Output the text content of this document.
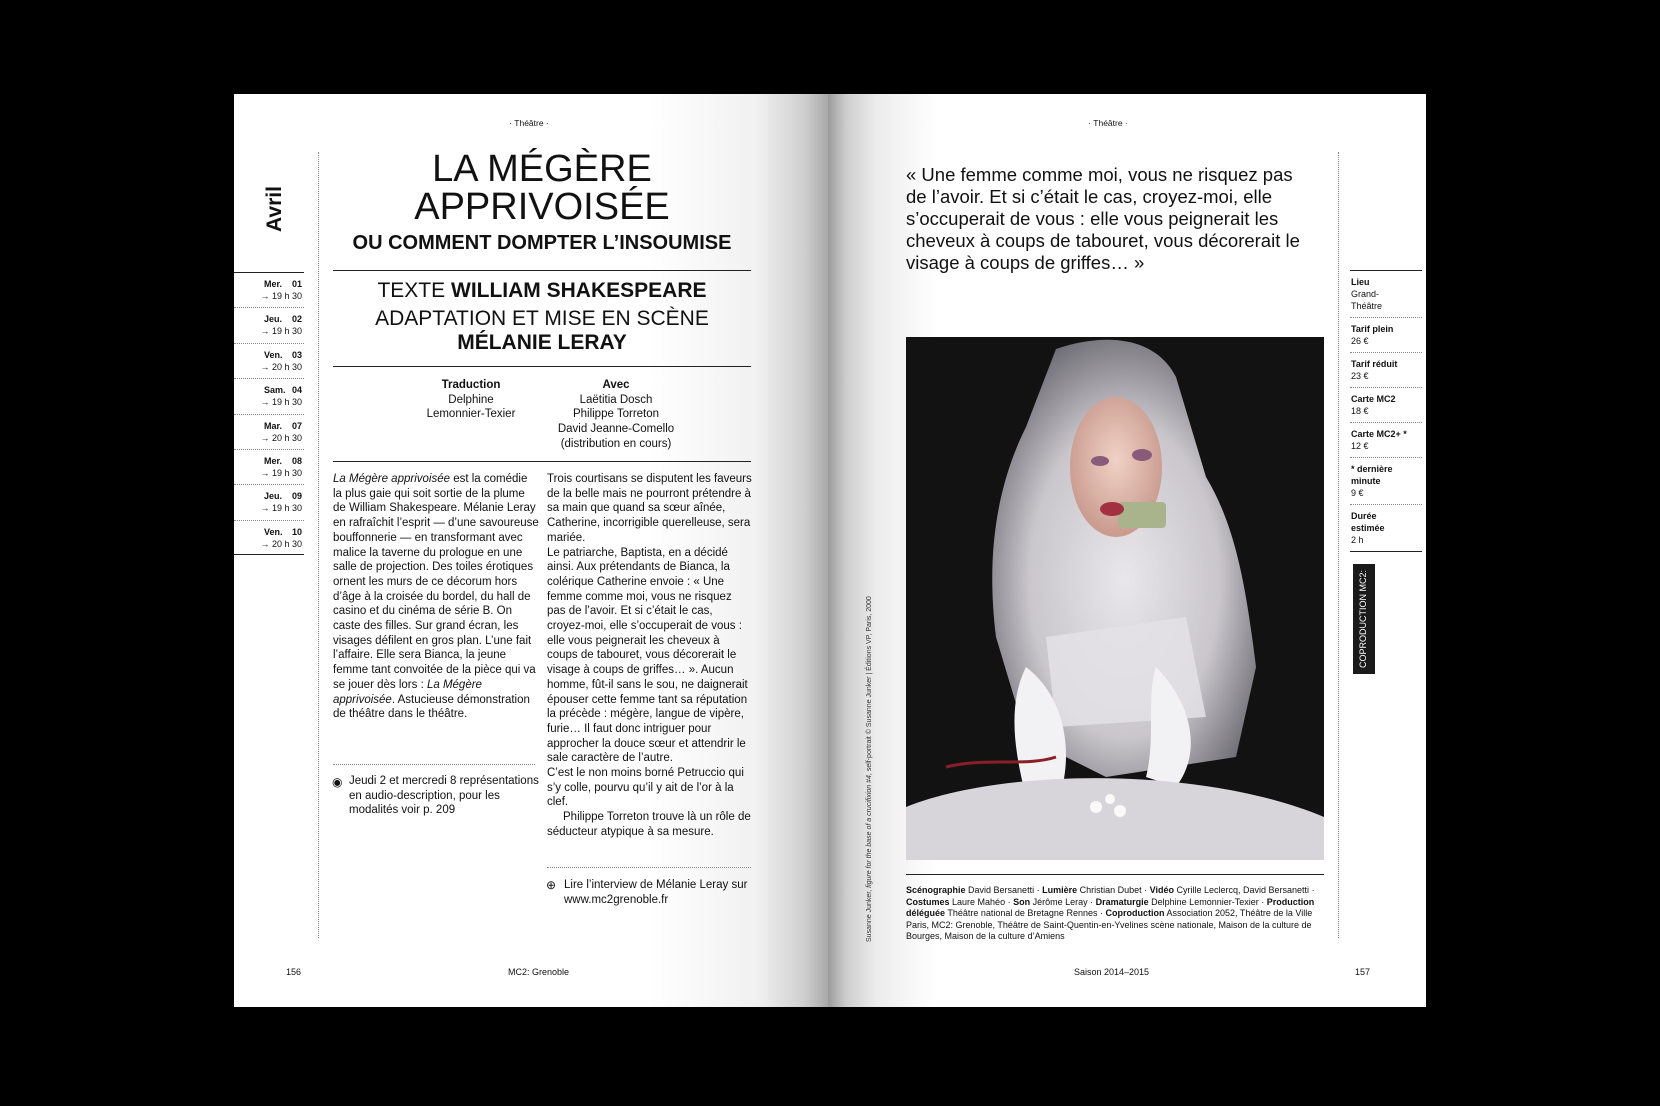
· Théâtre ·
Avril
Mer. 01
→ 19 h 30
Jeu. 02
→ 19 h 30
Ven. 03
→ 20 h 30
Sam. 04
→ 19 h 30
Mar. 07
→ 20 h 30
Mer. 08
→ 19 h 30
Jeu. 09
→ 19 h 30
Ven. 10
→ 20 h 30
LA MÉGÈRE
APPRIVOISÉE
OU COMMENT DOMPTER L’INSOUMISE
TEXTE WILLIAM SHAKESPEARE
ADAPTATION ET MISE EN SCÈNE
MÉLANIE LERAY
Traduction
Delphine
Lemonnier-Texier
Avec
Laëtitia Dosch
Philippe Torreton
David Jeanne-Comello
(distribution en cours)

La Mégère apprivoisée est la comédie la plus gaie qui soit sortie de la plume de William Shakespeare. Mélanie Leray en rafraîchit l’esprit — d’une savoureuse bouffonnerie — en transformant avec malice la taverne du prologue en une salle de projection. Des toiles érotiques ornent les murs de ce décorum hors d’âge à la croisée du bordel, du hall de casino et du cinéma de série B. On caste des filles. Sur grand écran, les visages défilent en gros plan. L’une fait l’affaire. Elle sera Bianca, la jeune femme tant convoitée de la pièce qui va se jouer dès lors : La Mégère apprivoisée. Astucieuse démonstration de théâtre dans le théâtre.

◉ Jeudi 2 et mercredi 8 représentations en audio-description, pour les modalités voir p. 209

Trois courtisans se disputent les faveurs de la belle mais ne pourront prétendre à sa main que quand sa sœur aînée, Catherine, incorrigible querelleuse, sera mariée.

Le patriarche, Baptista, en a décidé ainsi. Aux prétendants de Bianca, la colérique Catherine envoie : « Une femme comme moi, vous ne risquez pas de l’avoir. Et si c’était le cas, croyez-moi, elle s’occuperait de vous : elle vous peignerait les cheveux à coups de tabouret, vous décorerait le visage à coups de griffes… ». Aucun homme, fût-il sans le sou, ne daignerait épouser cette femme tant sa réputation la précède : mégère, langue de vipère, furie… Il faut donc intriguer pour approcher la douce sœur et attendrir le sale caractère de l’autre.

C’est le non moins borné Petruccio qui s’y colle, pourvu qu’il y ait de l’or à la clef.

Philippe Torreton trouve là un rôle de séducteur atypique à sa mesure.

⊕ Lire l’interview de Mélanie Leray sur www.mc2grenoble.fr
156	MC2: Grenoble
· Théâtre ·
« Une femme comme moi, vous ne risquez pas de l’avoir. Et si c’était le cas, croyez-moi, elle s’occuperait de vous : elle vous peignerait les cheveux à coups de tabouret, vous décorerait le visage à coups de griffes… »
Susanne Junker, figure for the base of a crucifixion #4, self-portrait © Susanne Junker | Éditions VP, Paris, 2000
Scénographie David Bersanetti · Lumière Christian Dubet · Vidéo Cyrille Leclercq, David Bersanetti · Costumes Laure Mahéo · Son Jérôme Leray · Dramaturgie Delphine Lemonnier-Texier · Production déléguée Théâtre national de Bretagne Rennes · Coproduction Association 2052, Théâtre de la Ville Paris, MC2: Grenoble, Théâtre de Saint-Quentin-en-Yvelines scène nationale, Maison de la culture de Bourges, Maison de la culture d’Amiens
Lieu
Grand-Théâtre
Tarif plein
26 €
Tarif réduit
23 €
Carte MC2
18 €
Carte MC2+ *
12 €
* dernière minute
9 €
Durée estimée
2 h
COPRODUCTION MC2:
Saison 2014–2015	157
